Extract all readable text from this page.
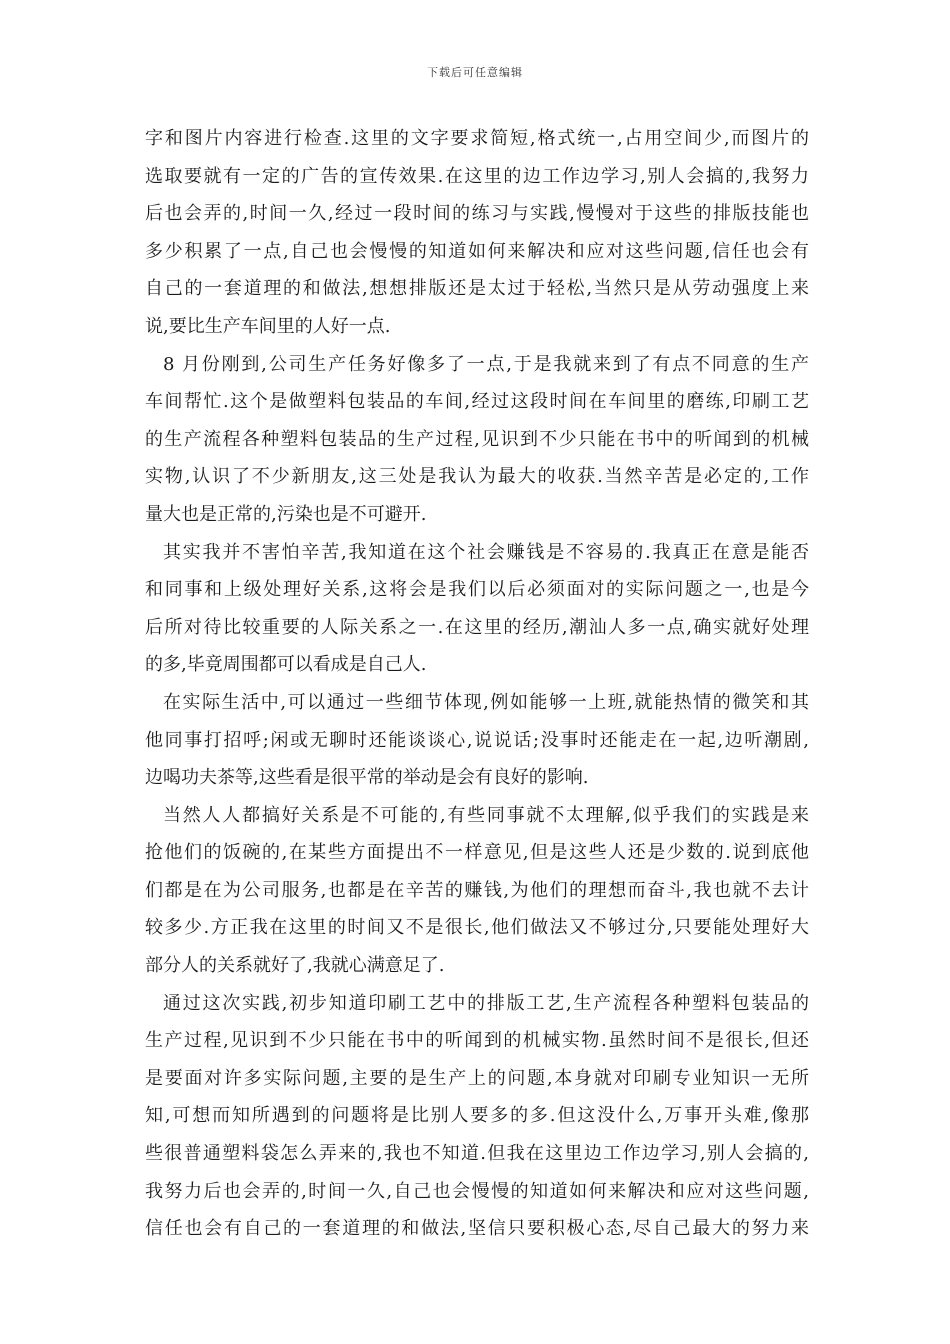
下载后可任意编辑
字和图片内容进行检查.这里的文字要求简短,格式统一,占用空间少,而图片的
选取要就有一定的广告的宣传效果.在这里的边工作边学习,别人会搞的,我努力
后也会弄的,时间一久,经过一段时间的练习与实践,慢慢对于这些的排版技能也
多少积累了一点,自己也会慢慢的知道如何来解决和应对这些问题,信任也会有
自己的一套道理的和做法,想想排版还是太过于轻松,当然只是从劳动强度上来
说,要比生产车间里的人好一点.
8 月份刚到,公司生产任务好像多了一点,于是我就来到了有点不同意的生产
车间帮忙.这个是做塑料包装品的车间,经过这段时间在车间里的磨练,印刷工艺
的生产流程各种塑料包装品的生产过程,见识到不少只能在书中的听闻到的机械
实物,认识了不少新朋友,这三处是我认为最大的收获.当然辛苦是必定的,工作
量大也是正常的,污染也是不可避开.
其实我并不害怕辛苦,我知道在这个社会赚钱是不容易的.我真正在意是能否
和同事和上级处理好关系,这将会是我们以后必须面对的实际问题之一,也是今
后所对待比较重要的人际关系之一.在这里的经历,潮汕人多一点,确实就好处理
的多,毕竟周围都可以看成是自己人.
在实际生活中,可以通过一些细节体现,例如能够一上班,就能热情的微笑和其
他同事打招呼;闲或无聊时还能谈谈心,说说话;没事时还能走在一起,边听潮剧,
边喝功夫茶等,这些看是很平常的举动是会有良好的影响.
当然人人都搞好关系是不可能的,有些同事就不太理解,似乎我们的实践是来
抢他们的饭碗的,在某些方面提出不一样意见,但是这些人还是少数的.说到底他
们都是在为公司服务,也都是在辛苦的赚钱,为他们的理想而奋斗,我也就不去计
较多少.方正我在这里的时间又不是很长,他们做法又不够过分,只要能处理好大
部分人的关系就好了,我就心满意足了.
通过这次实践,初步知道印刷工艺中的排版工艺,生产流程各种塑料包装品的
生产过程,见识到不少只能在书中的听闻到的机械实物.虽然时间不是很长,但还
是要面对许多实际问题,主要的是生产上的问题,本身就对印刷专业知识一无所
知,可想而知所遇到的问题将是比别人要多的多.但这没什么,万事开头难,像那
些很普通塑料袋怎么弄来的,我也不知道.但我在这里边工作边学习,别人会搞的,
我努力后也会弄的,时间一久,自己也会慢慢的知道如何来解决和应对这些问题,
信任也会有自己的一套道理的和做法,坚信只要积极心态,尽自己最大的努力来
